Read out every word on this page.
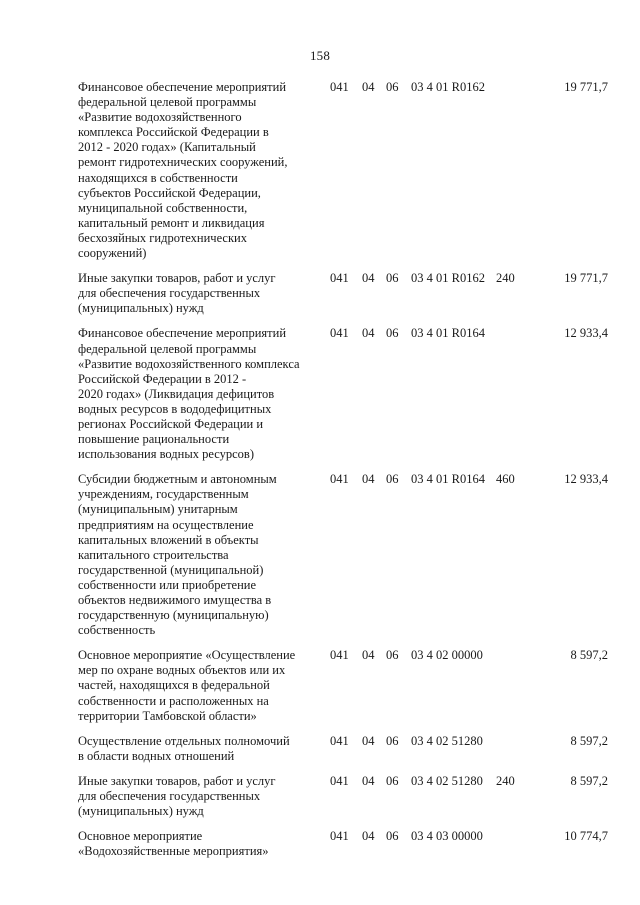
158
Финансовое обеспечение мероприятий
федеральной целевой программы
«Развитие водохозяйственного
комплекса Российской Федерации в
2012 - 2020 годах» (Капитальный
ремонт гидротехнических сооружений,
находящихся в собственности
субъектов Российской Федерации,
муниципальной собственности,
капитальный ремонт и ликвидация
бесхозяйных гидротехнических
сооружений)
041 04 06 03 4 01 R0162	19 771,7
Иные закупки товаров, работ и услуг
для обеспечения государственных
(муниципальных) нужд
041 04 06 03 4 01 R0162 240	19 771,7
Финансовое обеспечение мероприятий
федеральной целевой программы
«Развитие водохозяйственного комплекса
Российской Федерации в 2012 -
2020 годах» (Ликвидация дефицитов
водных ресурсов в вододефицитных
регионах Российской Федерации и
повышение рациональности
использования водных ресурсов)
041 04 06 03 4 01 R0164	12 933,4
Субсидии бюджетным и автономным
учреждениям, государственным
(муниципальным) унитарным
предприятиям на осуществление
капитальных вложений в объекты
капитального строительства
государственной (муниципальной)
собственности или приобретение
объектов недвижимого имущества в
государственную (муниципальную)
собственность
041 04 06 03 4 01 R0164 460	12 933,4
Основное мероприятие «Осуществление
мер по охране водных объектов или их
частей, находящихся в федеральной
собственности и расположенных на
территории Тамбовской области»
041 04 06 03 4 02 00000	8 597,2
Осуществление отдельных полномочий
в области водных отношений
041 04 06 03 4 02 51280	8 597,2
Иные закупки товаров, работ и услуг
для обеспечения государственных
(муниципальных) нужд
041 04 06 03 4 02 51280 240	8 597,2
Основное мероприятие
«Водохозяйственные мероприятия»
041 04 06 03 4 03 00000	10 774,7
